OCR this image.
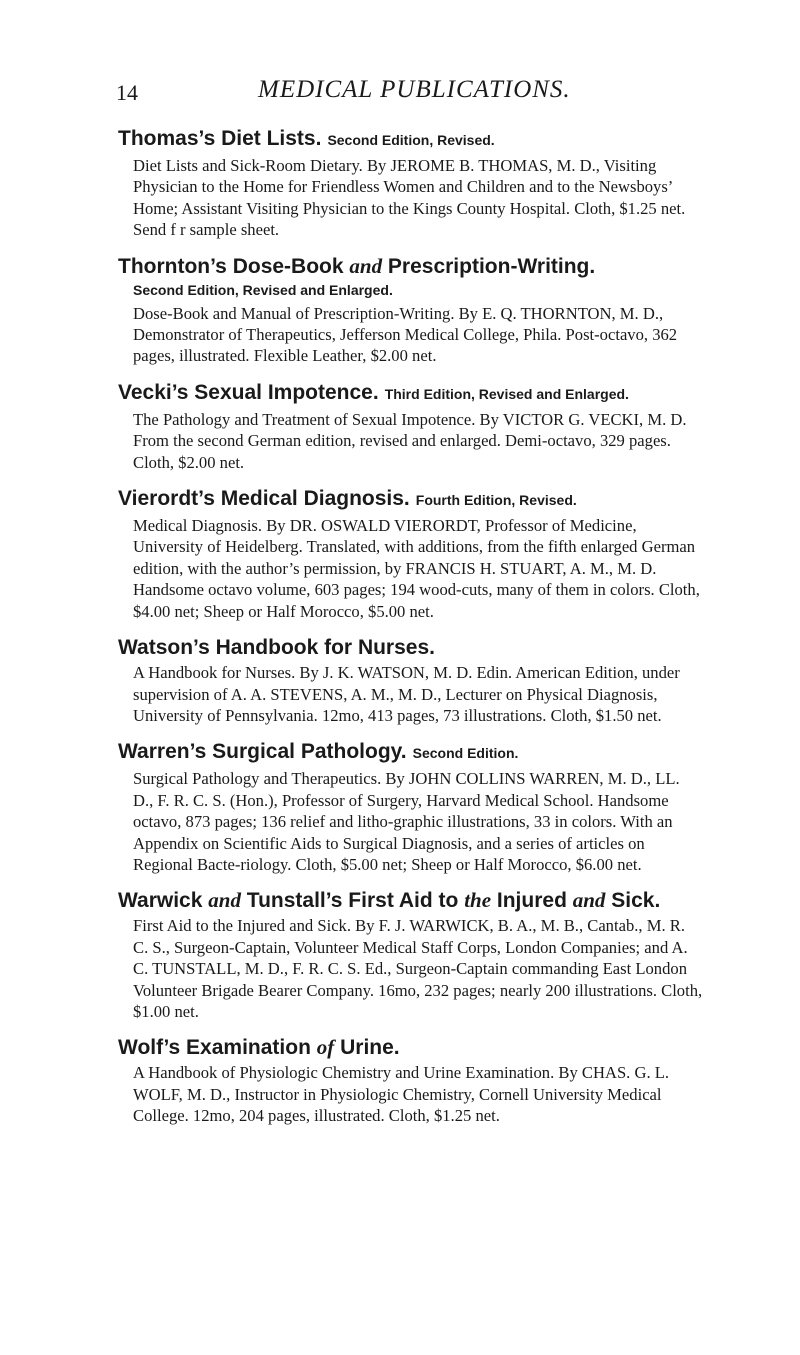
14	MEDICAL PUBLICATIONS.
Thomas’s Diet Lists. Second Edition, Revised.
Diet Lists and Sick-Room Dietary. By JEROME B. THOMAS, M. D., Visiting Physician to the Home for Friendless Women and Children and to the Newsboys’ Home; Assistant Visiting Physician to the Kings County Hospital. Cloth, $1.25 net. Send f r sample sheet.
Thornton’s Dose-Book and Prescription-Writing.
Second Edition, Revised and Enlarged.
Dose-Book and Manual of Prescription-Writing. By E. Q. THORNTON, M. D., Demonstrator of Therapeutics, Jefferson Medical College, Phila. Post-octavo, 362 pages, illustrated. Flexible Leather, $2.00 net.
Vecki’s Sexual Impotence. Third Edition, Revised and Enlarged.
The Pathology and Treatment of Sexual Impotence. By VICTOR G. VECKI, M. D. From the second German edition, revised and enlarged. Demi-octavo, 329 pages. Cloth, $2.00 net.
Vierordt’s Medical Diagnosis. Fourth Edition, Revised.
Medical Diagnosis. By DR. OSWALD VIERORDT, Professor of Medicine, University of Heidelberg. Translated, with additions, from the fifth enlarged German edition, with the author’s permission, by FRANCIS H. STUART, A. M., M. D. Handsome octavo volume, 603 pages; 194 wood-cuts, many of them in colors. Cloth, $4.00 net; Sheep or Half Morocco, $5.00 net.
Watson’s Handbook for Nurses.
A Handbook for Nurses. By J. K. WATSON, M. D. Edin. American Edition, under supervision of A. A. STEVENS, A. M., M. D., Lecturer on Physical Diagnosis, University of Pennsylvania. 12mo, 413 pages, 73 illustrations. Cloth, $1.50 net.
Warren’s Surgical Pathology. Second Edition.
Surgical Pathology and Therapeutics. By JOHN COLLINS WARREN, M. D., LL. D., F. R. C. S. (Hon.), Professor of Surgery, Harvard Medical School. Handsome octavo, 873 pages; 136 relief and litho-graphic illustrations, 33 in colors. With an Appendix on Scientific Aids to Surgical Diagnosis, and a series of articles on Regional Bacte-riology. Cloth, $5.00 net; Sheep or Half Morocco, $6.00 net.
Warwick and Tunstall’s First Aid to the Injured and Sick.
First Aid to the Injured and Sick. By F. J. WARWICK, B. A., M. B., Cantab., M. R. C. S., Surgeon-Captain, Volunteer Medical Staff Corps, London Companies; and A. C. TUNSTALL, M. D., F. R. C. S. Ed., Surgeon-Captain commanding East London Volunteer Brigade Bearer Company. 16mo, 232 pages; nearly 200 illustrations. Cloth, $1.00 net.
Wolf’s Examination of Urine.
A Handbook of Physiologic Chemistry and Urine Examination. By CHAS. G. L. WOLF, M. D., Instructor in Physiologic Chemistry, Cornell University Medical College. 12mo, 204 pages, illustrated. Cloth, $1.25 net.
